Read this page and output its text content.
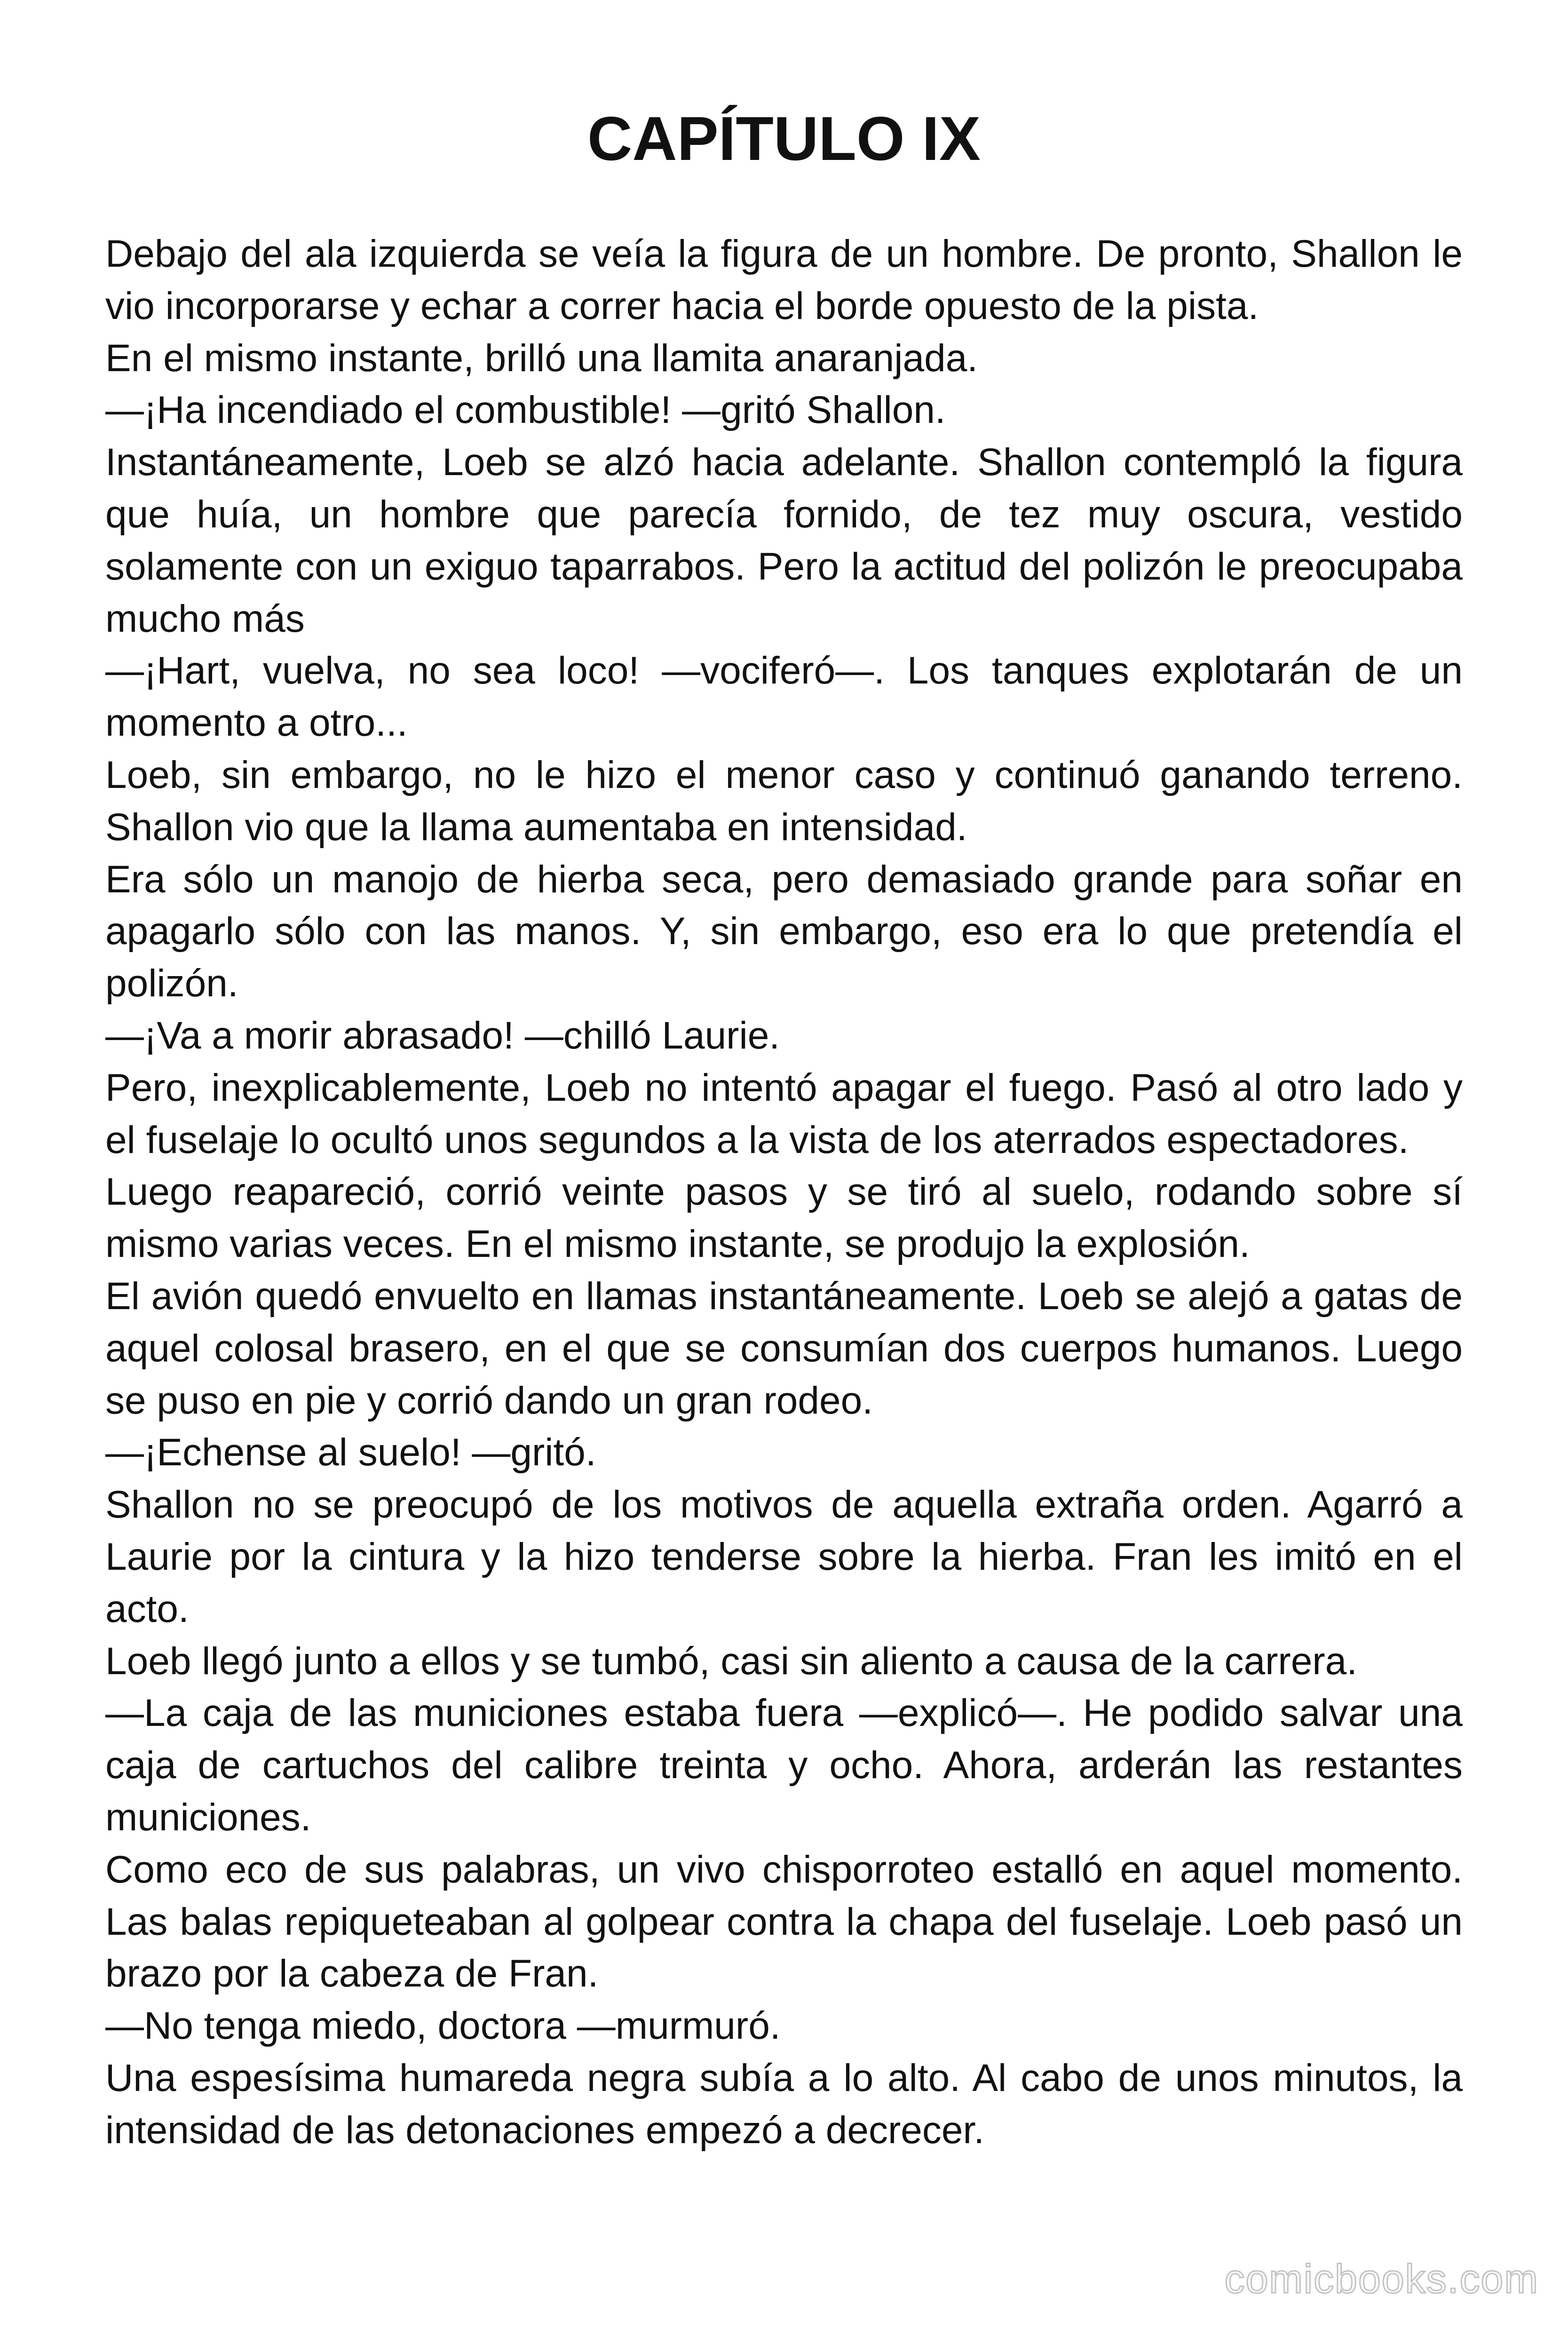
CAPÍTULO IX

Debajo del ala izquierda se veía la figura de un hombre. De pronto, Shallon le vio incorporarse y echar a correr hacia el borde opuesto de la pista.

En el mismo instante, brilló una llamita anaranjada.

—¡Ha incendiado el combustible! —gritó Shallon.

Instantáneamente, Loeb se alzó hacia adelante. Shallon contempló la figura que huía, un hombre que parecía fornido, de tez muy oscura, vestido solamente con un exiguo taparrabos. Pero la actitud del polizón le preocupaba mucho más

—¡Hart, vuelva, no sea loco! —vociferó—. Los tanques explotarán de un momento a otro...

Loeb, sin embargo, no le hizo el menor caso y continuó ganando terreno. Shallon vio que la llama aumentaba en intensidad.

Era sólo un manojo de hierba seca, pero demasiado grande para soñar en apagarlo sólo con las manos. Y, sin embargo, eso era lo que pretendía el polizón.

—¡Va a morir abrasado! —chilló Laurie.

Pero, inexplicablemente, Loeb no intentó apagar el fuego. Pasó al otro lado y el fuselaje lo ocultó unos segundos a la vista de los aterrados espectadores.

Luego reapareció, corrió veinte pasos y se tiró al suelo, rodando sobre sí mismo varias veces. En el mismo instante, se produjo la explosión.

El avión quedó envuelto en llamas instantáneamente. Loeb se alejó a gatas de aquel colosal brasero, en el que se consumían dos cuerpos humanos. Luego se puso en pie y corrió dando un gran rodeo.

—¡Echense al suelo! —gritó.

Shallon no se preocupó de los motivos de aquella extraña orden. Agarró a Laurie por la cintura y la hizo tenderse sobre la hierba. Fran les imitó en el acto.

Loeb llegó junto a ellos y se tumbó, casi sin aliento a causa de la carrera.

—La caja de las municiones estaba fuera —explicó—. He podido salvar una caja de cartuchos del calibre treinta y ocho. Ahora, arderán las restantes municiones.

Como eco de sus palabras, un vivo chisporroteo estalló en aquel momento. Las balas repiqueteaban al golpear contra la chapa del fuselaje. Loeb pasó un brazo por la cabeza de Fran.

—No tenga miedo, doctora —murmuró.

Una espesísima humareda negra subía a lo alto. Al cabo de unos minutos, la intensidad de las detonaciones empezó a decrecer.

comicbooks.com
